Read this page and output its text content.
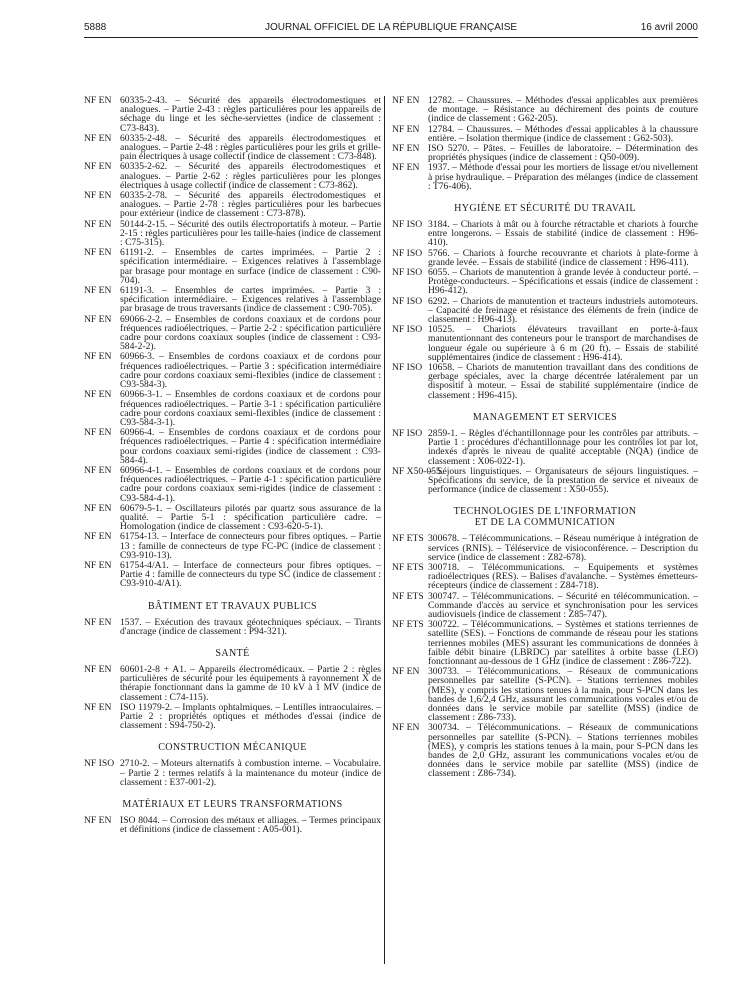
5888	JOURNAL OFFICIEL DE LA RÉPUBLIQUE FRANÇAISE	16 avril 2000
NF EN 60335-2-43. – Sécurité des appareils électrodomestiques et analogues. – Partie 2-43 : règles particulières pour les appareils de séchage du linge et les sèche-serviettes (indice de classement : C73-843).
NF EN 60335-2-48. – Sécurité des appareils électrodomestiques et analogues. – Partie 2-48 : règles particulières pour les grils et grille-pain électriques à usage collectif (indice de classement : C73-848).
NF EN 60335-2-62. – Sécurité des appareils électrodomestiques et analogues. – Partie 2-62 : règles particulières pour les plonges électriques à usage collectif (indice de classement : C73-862).
NF EN 60335-2-78. – Sécurité des appareils électrodomestiques et analogues. – Partie 2-78 : règles particulières pour les barbecues pour extérieur (indice de classement : C73-878).
NF EN 50144-2-15. – Sécurité des outils électroportatifs à moteur. – Partie 2-15 : règles particulières pour les taille-haies (indice de classement : C75-315).
NF EN 61191-2. – Ensembles de cartes imprimées. – Partie 2 : spécification intermédiaire. – Exigences relatives à l'assemblage par brasage pour montage en surface (indice de classement : C90-704).
NF EN 61191-3. – Ensembles de cartes imprimées. – Partie 3 : spécification intermédiaire. – Exigences relatives à l'assemblage par brasage de trous traversants (indice de classement : C90-705).
NF EN 69066-2-2. – Ensembles de cordons coaxiaux et de cordons pour fréquences radioélectriques. – Partie 2-2 : spécification particulière cadre pour cordons coaxiaux souples (indice de classement : C93-584-2-2).
NF EN 60966-3. – Ensembles de cordons coaxiaux et de cordons pour fréquences radioélectriques. – Partie 3 : spécification intermédiaire cadre pour cordons coaxiaux semi-flexibles (indice de classement : C93-584-3).
NF EN 60966-3-1. – Ensembles de cordons coaxiaux et de cordons pour fréquences radioélectriques. – Partie 3-1 : spécification particulière cadre pour cordons coaxiaux semi-flexibles (indice de classement : C93-584-3-1).
NF EN 60966-4. – Ensembles de cordons coaxiaux et de cordons pour fréquences radioélectriques. – Partie 4 : spécification intermédiaire pour cordons coaxiaux semi-rigides (indice de classement : C93-584-4).
NF EN 60966-4-1. – Ensembles de cordons coaxiaux et de cordons pour fréquences radioélectriques. – Partie 4-1 : spécification particulière cadre pour cordons coaxiaux semi-rigides (indice de classement : C93-584-4-1).
NF EN 60679-5-1. – Oscillateurs pilotés par quartz sous assurance de la qualité. – Partie 5-1 : spécification particulière cadre. – Homologation (indice de classement : C93-620-5-1).
NF EN 61754-13. – Interface de connecteurs pour fibres optiques. – Partie 13 : famille de connecteurs de type FC-PC (indice de classement : C93-910-13).
NF EN 61754-4/A1. – Interface de connecteurs pour fibres optiques. – Partie 4 : famille de connecteurs du type SC (indice de classement : C93-910-4/A1).
BÂTIMENT ET TRAVAUX PUBLICS
NF EN 1537. – Exécution des travaux géotechniques spéciaux. – Tirants d'ancrage (indice de classement : P94-321).
SANTÉ
NF EN 60601-2-8 + A1. – Appareils électromédicaux. – Partie 2 : règles particulières de sécurité pour les équipements à rayonnement X de thérapie fonctionnant dans la gamme de 10 kV à 1 MV (indice de classement : C74-115).
NF EN ISO 11979-2. – Implants ophtalmiques. – Lentilles intraoculaires. – Partie 2 : propriétés optiques et méthodes d'essai (indice de classement : S94-750-2).
CONSTRUCTION MÉCANIQUE
NF ISO 2710-2. – Moteurs alternatifs à combustion interne. – Vocabulaire. – Partie 2 : termes relatifs à la maintenance du moteur (indice de classement : E37-001-2).
MATÉRIAUX ET LEURS TRANSFORMATIONS
NF EN ISO 8044. – Corrosion des métaux et alliages. – Termes principaux et définitions (indice de classement : A05-001).
NF EN 12782. – Chaussures. – Méthodes d'essai applicables aux premières de montage. – Résistance au déchirement des points de couture (indice de classement : G62-205).
NF EN 12784. – Chaussures. – Méthodes d'essai applicables à la chaussure entière. – Isolation thermique (indice de classement : G62-503).
NF EN ISO 5270. – Pâtes. – Feuilles de laboratoire. – Détermination des propriétés physiques (indice de classement : Q50-009).
NF EN 1937. – Méthode d'essai pour les mortiers de lissage et/ou nivellement à prise hydraulique. – Préparation des mélanges (indice de classement : T76-406).
HYGIÈNE ET SÉCURITÉ DU TRAVAIL
NF ISO 3184. – Chariots à mât ou à fourche rétractable et chariots à fourche entre longerons. – Essais de stabilité (indice de classement : H96-410).
NF ISO 5766. – Chariots à fourche recouvrante et chariots à plate-forme à grande levée. – Essais de stabilité (indice de classement : H96-411).
NF ISO 6055. – Chariots de manutention à grande levée à conducteur porté. – Protège-conducteurs. – Spécifications et essais (indice de classement : H96-412).
NF ISO 6292. – Chariots de manutention et tracteurs industriels automoteurs. – Capacité de freinage et résistance des éléments de frein (indice de classement : H96-413).
NF ISO 10525. – Chariots élévateurs travaillant en porte-à-faux manutentionnant des conteneurs pour le transport de marchandises de longueur égale ou supérieure à 6 m (20 ft). – Essais de stabilité supplémentaires (indice de classement : H96-414).
NF ISO 10658. – Chariots de manutention travaillant dans des conditions de gerbage spéciales, avec la charge décentrée latéralement par un dispositif à moteur. – Essai de stabilité supplémentaire (indice de classement : H96-415).
MANAGEMENT ET SERVICES
NF ISO 2859-1. – Règles d'échantillonnage pour les contrôles par attributs. – Partie 1 : procédures d'échantillonnage pour les contrôles lot par lot, indexés d'après le niveau de qualité acceptable (NQA) (indice de classement : X06-022-1).
NF X50-055.
– Séjours linguistiques. – Organisateurs de séjours linguistiques. – Spécifications du service, de la prestation de service et niveaux de performance (indice de classement : X50-055).
TECHNOLOGIES DE L'INFORMATION
ET DE LA COMMUNICATION
NF ETS 300678. – Télécommunications. – Réseau numérique à intégration de services (RNIS). – Téléservice de visioconférence. – Description du service (indice de classement : Z82-678).
NF ETS 300718. – Télécommunications. – Equipements et systèmes radioélectriques (RES). – Balises d'avalanche. – Systèmes émetteurs-récepteurs (indice de classement : Z84-718).
NF ETS 300747. – Télécommunications. – Sécurité en télécommunication. – Commande d'accès au service et synchronisation pour les services audiovisuels (indice de classement : Z85-747).
NF ETS 300722. – Télécommunications. – Systèmes et stations terriennes de satellite (SES). – Fonctions de commande de réseau pour les stations terriennes mobiles (MES) assurant les communications de données à faible débit binaire (LBRDC) par satellites à orbite basse (LEO) fonctionnant au-dessous de 1 GHz (indice de classement : Z86-722).
NF EN 300733. – Télécommunications. – Réseaux de communications personnelles par satellite (S-PCN). – Stations terriennes mobiles (MES), y compris les stations tenues à la main, pour S-PCN dans les bandes de 1,6/2,4 GHz, assurant les communications vocales et/ou de données dans le service mobile par satellite (MSS) (indice de classement : Z86-733).
NF EN 300734. – Télécommunications. – Réseaux de communications personnelles par satellite (S-PCN). – Stations terriennes mobiles (MES), y compris les stations tenues à la main, pour S-PCN dans les bandes de 2,0 GHz, assurant les communications vocales et/ou de données dans le service mobile par satellite (MSS) (indice de classement : Z86-734).
